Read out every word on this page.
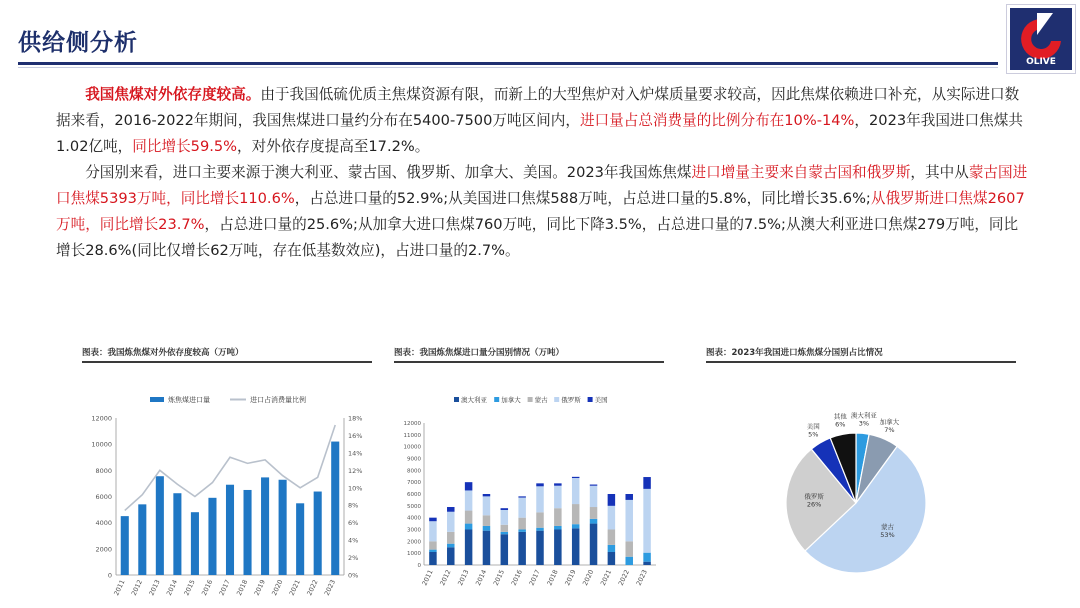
供给侧分析
OLIVE

我国焦煤对外依存度较高。由于我国低硫优质主焦煤资源有限，而新上的大型焦炉对入炉煤质量要求较高，因此焦煤依赖进口补充，从实际进口数据来看，2016-2022年期间，我国焦煤进口量约分布在5400-7500万吨区间内，进口量占总消费量的比例分布在10%-14%，2023年我国进口焦煤共1.02亿吨，同比增长59.5%，对外依存度提高至17.2%。

分国别来看，进口主要来源于澳大利亚、蒙古国、俄罗斯、加拿大、美国。2023年我国炼焦煤进口增量主要来自蒙古国和俄罗斯，其中从蒙古国进口焦煤5393万吨，同比增长110.6%，占总进口量的52.9%;从美国进口焦煤588万吨，占总进口量的5.8%，同比增长35.6%;从俄罗斯进口焦煤2607万吨，同比增长23.7%，占总进口量的25.6%;从加拿大进口焦煤760万吨，同比下降3.5%，占总进口量的7.5%;从澳大利亚进口焦煤279万吨，同比增长28.6%(同比仅增长62万吨，存在低基数效应)，占进口量的2.7%。

图表：我国炼焦煤对外依存度较高（万吨）
炼焦煤进口量	进口占消费量比例
0
2000
4000
6000
8000
10000
12000
0%
2%
4%
6%
8%
10%
12%
14%
16%
18%
2011 2012 2013 2014 2015 2016 2017 2018 2019 2020 2021 2022 2023
图表：我国炼焦煤进口量分国别情况（万吨）
澳大利亚 加拿大 蒙古 俄罗斯 美国
0
1000
2000
3000
4000
5000
6000
7000
8000
9000
10000
11000
12000
2011 2012 2013 2014 2015 2016 2017 2018 2019 2020 2021 2022 2023
图表：2023年我国进口炼焦煤分国别占比情况
澳大利亚
3% 加拿大
7%
蒙古
53%
俄罗斯
26%
美国
5%
其他
6%
